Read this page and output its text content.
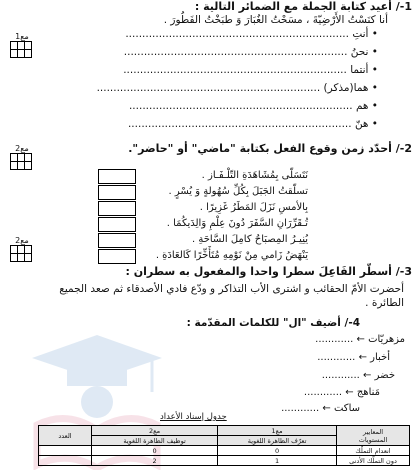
1-/ أعيد كتابة الجملة مع الضمائر التالية :
أنا كنَسْتُ الأَرْضِيّةَ ، مسَحْتُ الغُبَارَ وَ طبَخْتُ الفَطُورَ .
مع1

			• أنتِ ...................................................................
• نحنُ ...................................................................
• أنتما ...................................................................
• هما(مذكر) ...................................................................
• هم ...................................................................
• هنّ ...................................................................
2-/ أحدّد زمن وقوع الفعل بكتابة "ماضي" أو "حاضر".
مع2

نَتَسَلّى بِمُشَاهَدَةِ التّلْـفَـاز .
تسلّقتُ الجَبَلَ بِكُلِّ سُهُولةٍ وَ يُسْرٍ .
بِالأمسِ نَزَلَ المَطَرُ غَزِيرًا .
تُـقَرِّرَانِ السَّفَرَ دُونَ عِلْمِ وَالِدَيكُمَا .
يُنِيـرُ المِصبَاحُ كامِلَ السَّاحَةِ .
يَنْهَضُ زَامي مِنْ نَوْمِهِ مُتَأَخِّرًا كَالعَادَةِ .
مع2

3-/ أسطّر الفَاعِلَ سطرا واحدا والمفعول به سطران :
أحضرت الأمّ الحقائب و اشترى الأب التذاكر و ودّع فادي الأصدقاء ثم صعد الجميع الطائرة .
4-/ أضيف "ال" للكلمات المقدّمة :
مزهريّات ← ............
أخبار ← ............
خضر ← ............
مَناهج ← ............
ساكت ← ............
جدول إسناد الأعداد
المعايير
المستويات	مع1	مع2	العدد
	تعرّف الظاهرة اللغوية	توظيف الظاهرة اللغوية	
انعدام التملّك	0	0	
دون التملّك الأدنى	1	2	
